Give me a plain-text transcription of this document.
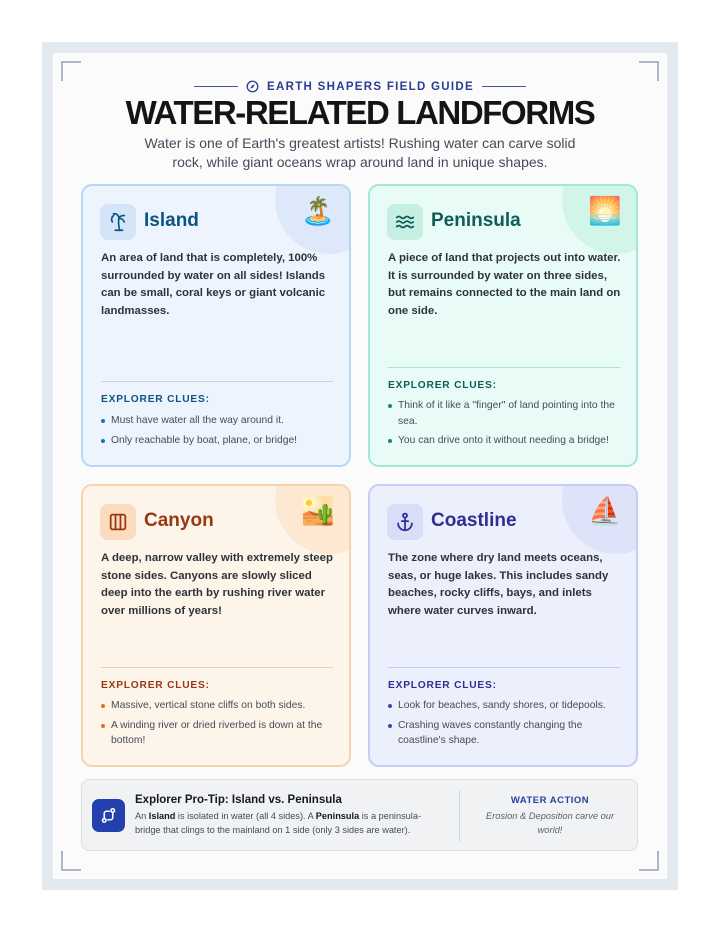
EARTH SHAPERS FIELD GUIDE
WATER-RELATED LANDFORMS

Water is one of Earth's greatest artists! Rushing water can carve solid rock, while giant oceans wrap around land in unique shapes.

🏝️
Island

An area of land that is completely, 100% surrounded by water on all sides! Islands can be small, coral keys or giant volcanic landmasses.

EXPLORER CLUES:
Must have water all the way around it.
Only reachable by boat, plane, or bridge!
🌅
Peninsula

A piece of land that projects out into water. It is surrounded by water on three sides, but remains connected to the main land on one side.

EXPLORER CLUES:
Think of it like a "finger" of land pointing into the sea.
You can drive onto it without needing a bridge!
🏜️
Canyon

A deep, narrow valley with extremely steep stone sides. Canyons are slowly sliced deep into the earth by rushing river water over millions of years!

EXPLORER CLUES:
Massive, vertical stone cliffs on both sides.
A winding river or dried riverbed is down at the bottom!
⛵
Coastline

The zone where dry land meets oceans, seas, or huge lakes. This includes sandy beaches, rocky cliffs, bays, and inlets where water curves inward.

EXPLORER CLUES:
Look for beaches, sandy shores, or tidepools.
Crashing waves constantly changing the coastline's shape.
Explorer Pro-Tip: Island vs. Peninsula

An Island is isolated in water (all 4 sides). A Peninsula is a peninsula-bridge that clings to the mainland on 1 side (only 3 sides are water).

WATER ACTION

Erosion & Deposition carve our world!
